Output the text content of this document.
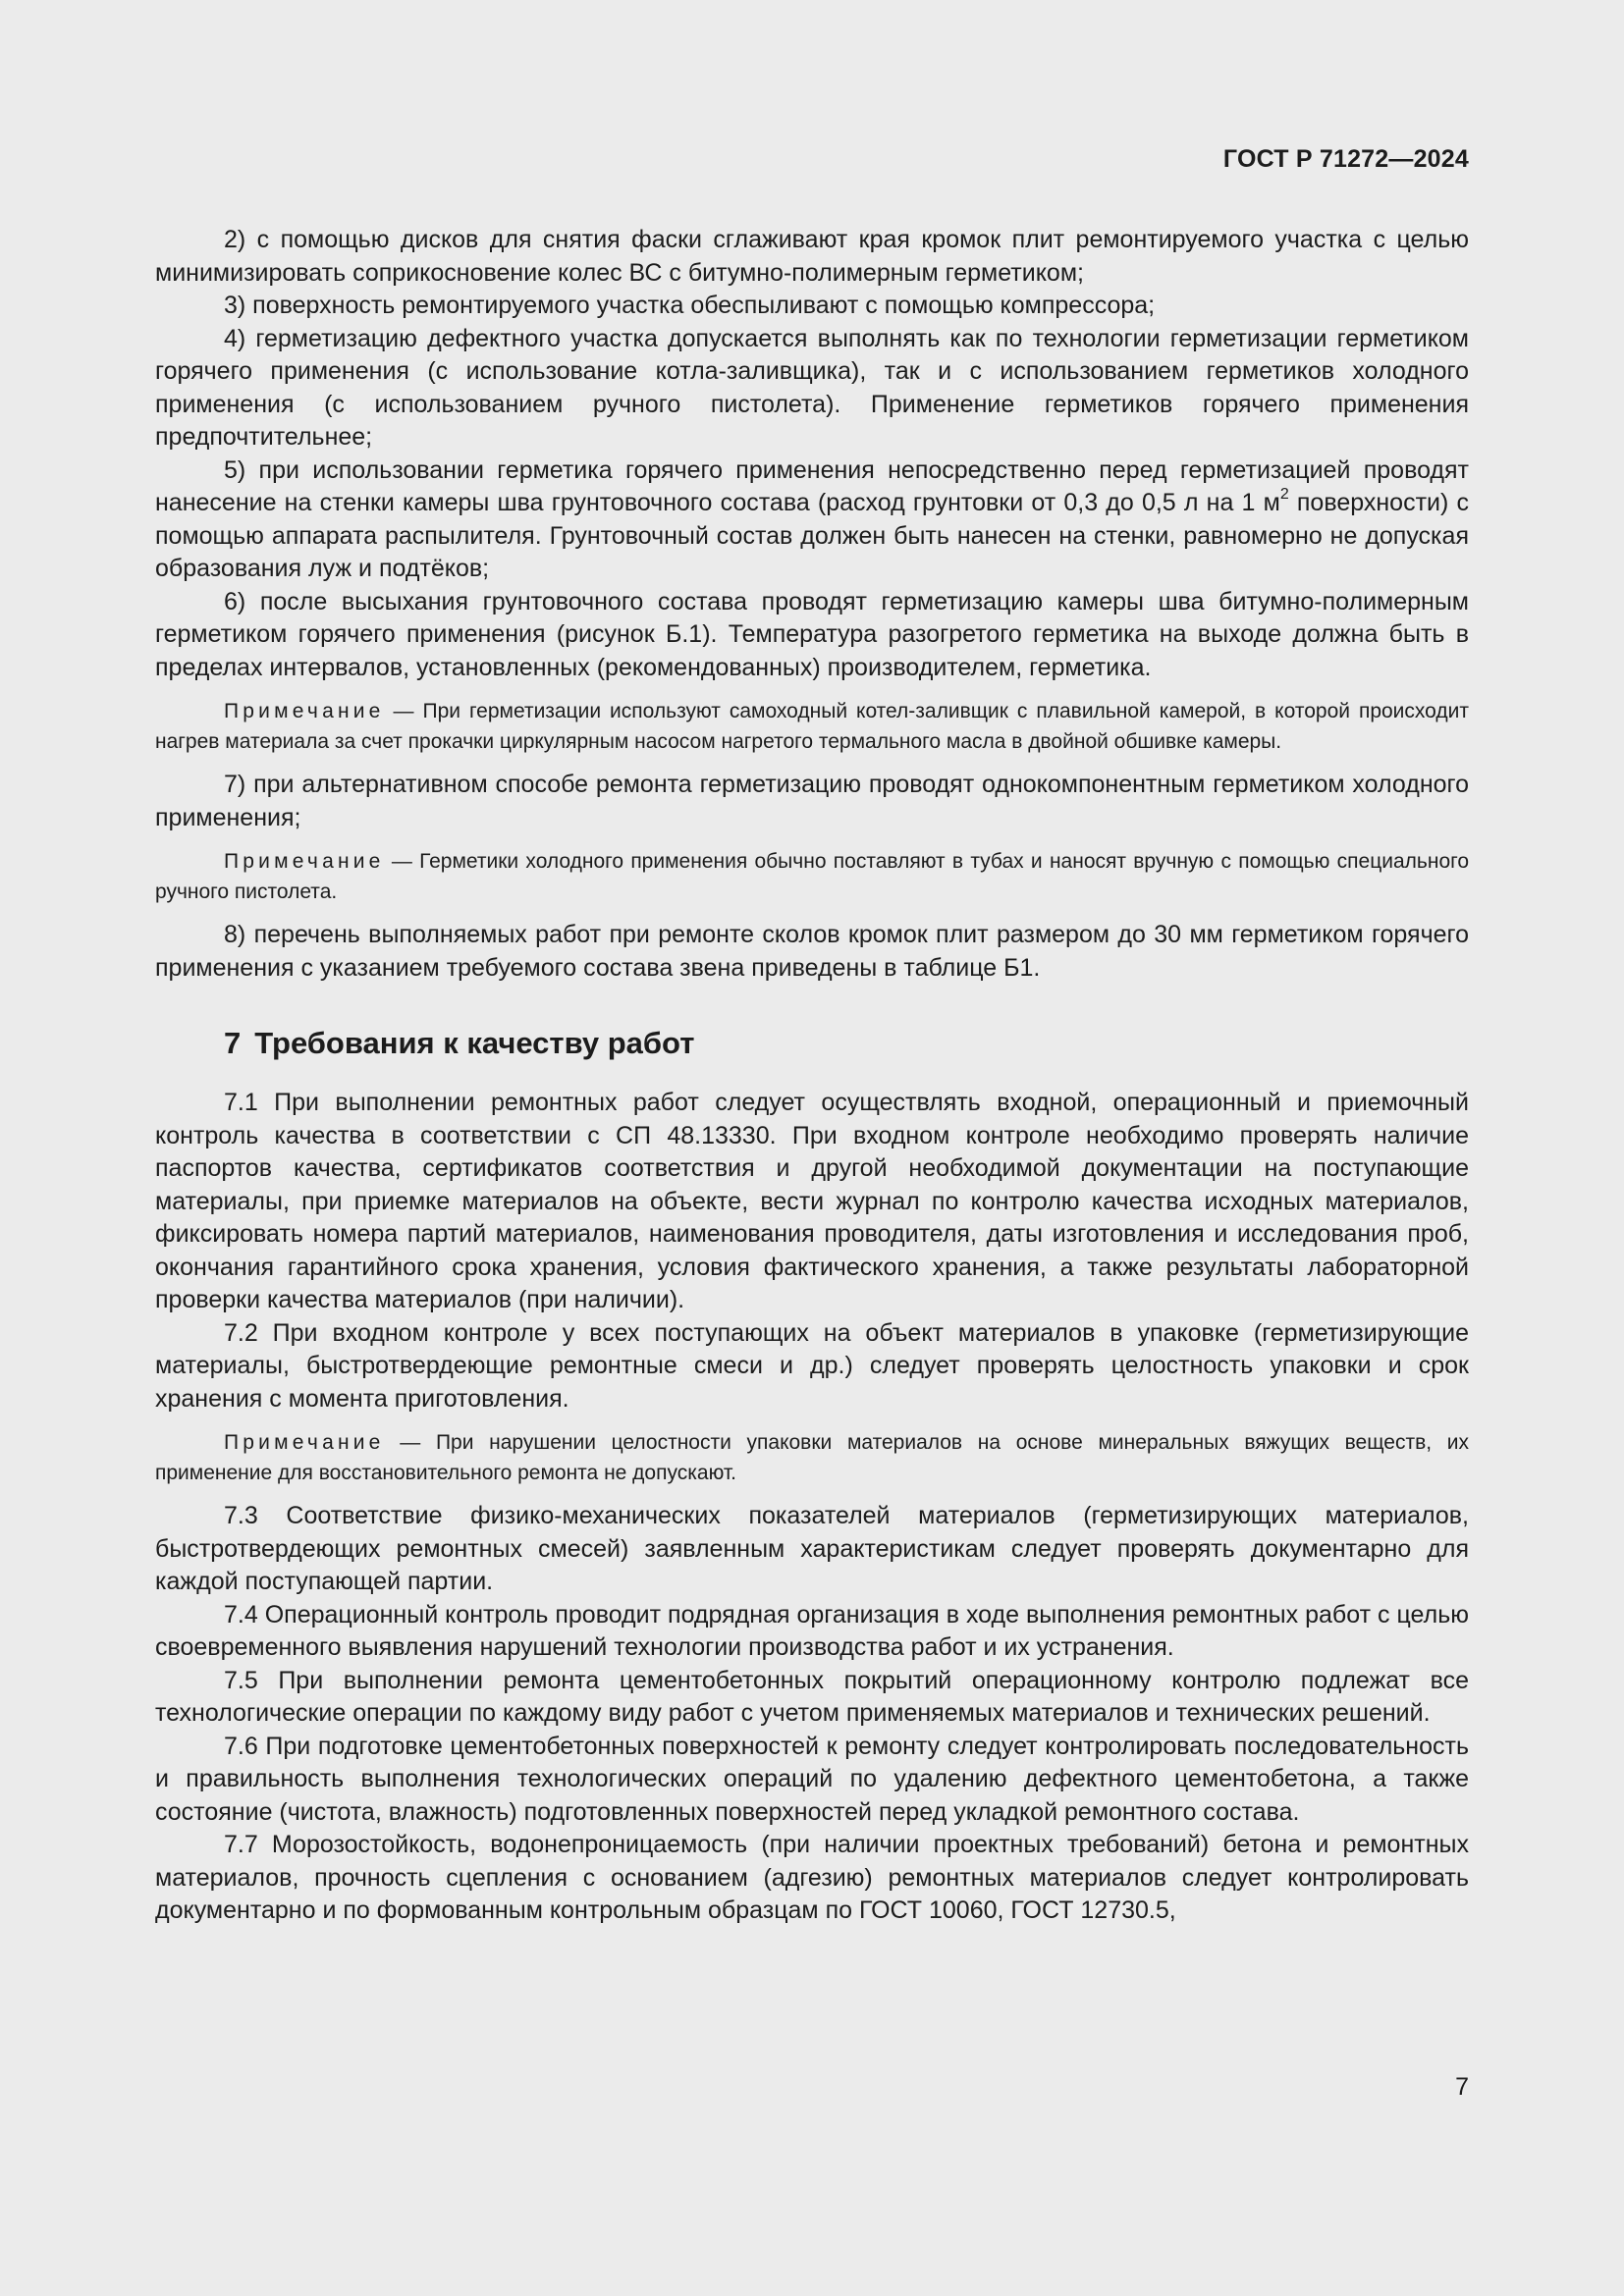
ГОСТ Р 71272—2024

2) с помощью дисков для снятия фаски сглаживают края кромок плит ремонтируемого участка с целью минимизировать соприкосновение колес ВС с битумно-полимерным герметиком;

3) поверхность ремонтируемого участка обеспыливают с помощью компрессора;

4) герметизацию дефектного участка допускается выполнять как по технологии герметизации герметиком горячего применения (с использование котла-заливщика), так и с использованием герметиков холодного применения (с использованием ручного пистолета). Применение герметиков горячего применения предпочтительнее;

5) при использовании герметика горячего применения непосредственно перед герметизацией проводят нанесение на стенки камеры шва грунтовочного состава (расход грунтовки от 0,3 до 0,5 л на 1 $м^2$ поверхности) с помощью аппарата распылителя. Грунтовочный состав должен быть нанесен на стенки, равномерно не допуская образования луж и подтёков;

6) после высыхания грунтовочного состава проводят герметизацию камеры шва битумно-полимерным герметиком горячего применения (рисунок Б.1). Температура разогретого герметика на выходе должна быть в пределах интервалов, установленных (рекомендованных) производителем, герметика.

Примечание — При герметизации используют самоходный котел-заливщик с плавильной камерой, в которой происходит нагрев материала за счет прокачки циркулярным насосом нагретого термального масла в двойной обшивке камеры.

7) при альтернативном способе ремонта герметизацию проводят однокомпонентным герметиком холодного применения;

Примечание — Герметики холодного применения обычно поставляют в тубах и наносят вручную с помощью специального ручного пистолета.

8) перечень выполняемых работ при ремонте сколов кромок плит размером до 30 мм герметиком горячего применения с указанием требуемого состава звена приведены в таблице Б1.

7 Требования к качеству работ

7.1 При выполнении ремонтных работ следует осуществлять входной, операционный и приемочный контроль качества в соответствии с СП 48.13330. При входном контроле необходимо проверять наличие паспортов качества, сертификатов соответствия и другой необходимой документации на поступающие материалы, при приемке материалов на объекте, вести журнал по контролю качества исходных материалов, фиксировать номера партий материалов, наименования проводителя, даты изготовления и исследования проб, окончания гарантийного срока хранения, условия фактического хранения, а также результаты лабораторной проверки качества материалов (при наличии).

7.2 При входном контроле у всех поступающих на объект материалов в упаковке (герметизирующие материалы, быстротвердеющие ремонтные смеси и др.) следует проверять целостность упаковки и срок хранения с момента приготовления.

Примечание — При нарушении целостности упаковки материалов на основе минеральных вяжущих веществ, их применение для восстановительного ремонта не допускают.

7.3 Соответствие физико-механических показателей материалов (герметизирующих материалов, быстротвердеющих ремонтных смесей) заявленным характеристикам следует проверять документарно для каждой поступающей партии.

7.4 Операционный контроль проводит подрядная организация в ходе выполнения ремонтных работ с целью своевременного выявления нарушений технологии производства работ и их устранения.

7.5 При выполнении ремонта цементобетонных покрытий операционному контролю подлежат все технологические операции по каждому виду работ с учетом применяемых материалов и технических решений.

7.6 При подготовке цементобетонных поверхностей к ремонту следует контролировать последовательность и правильность выполнения технологических операций по удалению дефектного цементобетона, а также состояние (чистота, влажность) подготовленных поверхностей перед укладкой ремонтного состава.

7.7 Морозостойкость, водонепроницаемость (при наличии проектных требований) бетона и ремонтных материалов, прочность сцепления с основанием (адгезию) ремонтных материалов следует контролировать документарно и по формованным контрольным образцам по ГОСТ 10060, ГОСТ 12730.5,

7
